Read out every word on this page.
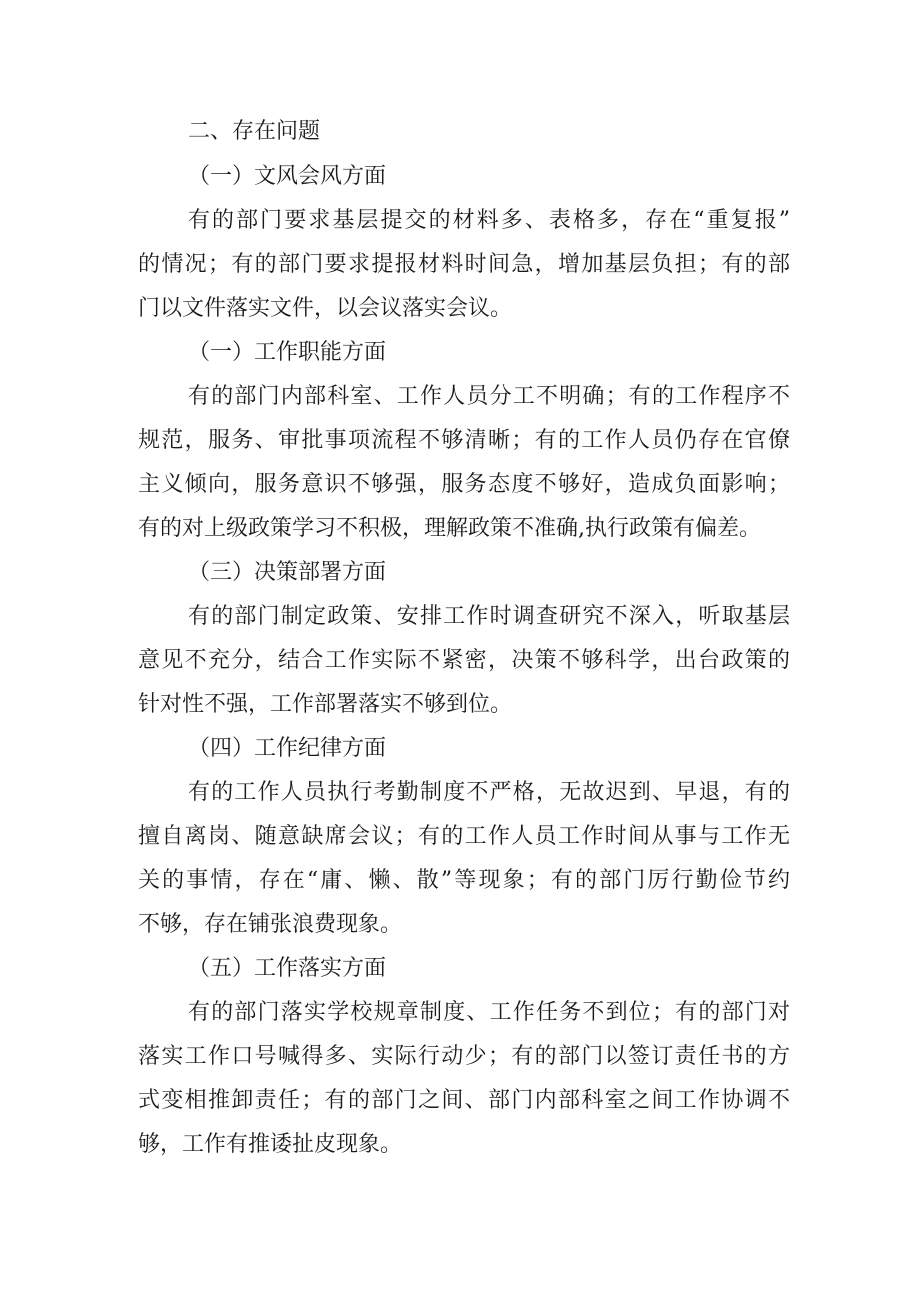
二、存在问题
（一）文风会风方面
有的部门要求基层提交的材料多、表格多，存在“重复报”
的情况；有的部门要求提报材料时间急，增加基层负担；有的部
门以文件落实文件，以会议落实会议。
（一）工作职能方面
有的部门内部科室、工作人员分工不明确；有的工作程序不
规范，服务、审批事项流程不够清晰；有的工作人员仍存在官僚
主义倾向，服务意识不够强，服务态度不够好，造成负面影响；
有的对上级政策学习不积极，理解政策不准确,执行政策有偏差。
（三）决策部署方面
有的部门制定政策、安排工作时调查研究不深入，听取基层
意见不充分，结合工作实际不紧密，决策不够科学，出台政策的
针对性不强，工作部署落实不够到位。
（四）工作纪律方面
有的工作人员执行考勤制度不严格，无故迟到、早退，有的
擅自离岗、随意缺席会议；有的工作人员工作时间从事与工作无
关的事情，存在“庸、懒、散”等现象；有的部门厉行勤俭节约
不够，存在铺张浪费现象。
（五）工作落实方面
有的部门落实学校规章制度、工作任务不到位；有的部门对
落实工作口号喊得多、实际行动少；有的部门以签订责任书的方
式变相推卸责任；有的部门之间、部门内部科室之间工作协调不
够，工作有推诿扯皮现象。
